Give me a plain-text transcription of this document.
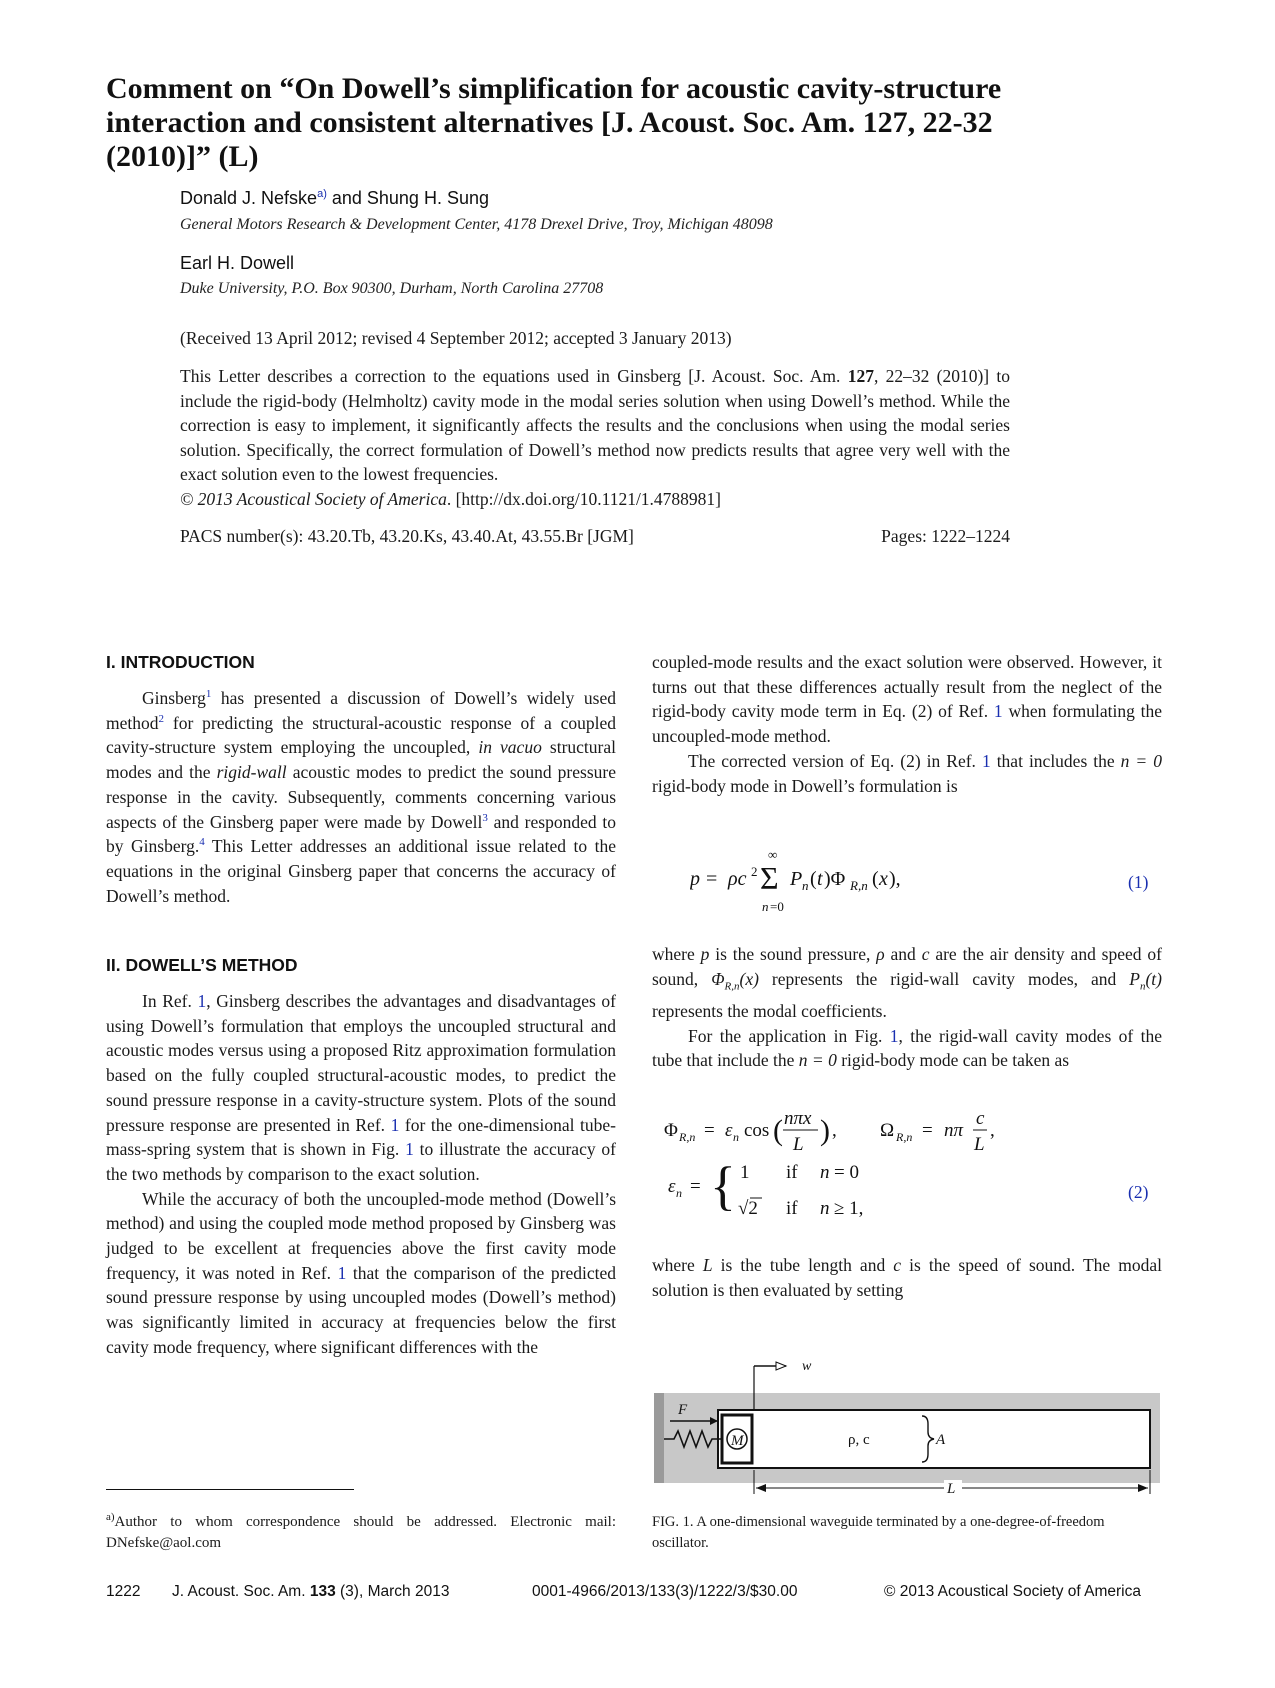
Comment on “On Dowell’s simplification for acoustic cavity-structure interaction and consistent alternatives [J. Acoust. Soc. Am. 127, 22-32 (2010)]” (L)
Donald J. Nefske$^{a)}$ and Shung H. Sung
General Motors Research & Development Center, 4178 Drexel Drive, Troy, Michigan 48098
Earl H. Dowell
Duke University, P.O. Box 90300, Durham, North Carolina 27708
(Received 13 April 2012; revised 4 September 2012; accepted 3 January 2013)
This Letter describes a correction to the equations used in Ginsberg [J. Acoust. Soc. Am. 127, 22–32 (2010)] to include the rigid-body (Helmholtz) cavity mode in the modal series solution when using Dowell’s method. While the correction is easy to implement, it significantly affects the results and the conclusions when using the modal series solution. Specifically, the correct formulation of Dowell’s method now predicts results that agree very well with the exact solution even to the lowest frequencies.
© 2013 Acoustical Society of America. [http://dx.doi.org/10.1121/1.4788981]
PACS number(s): 43.20.Tb, 43.20.Ks, 43.40.At, 43.55.Br [JGM]	Pages: 1222–1224
I. INTRODUCTION

Ginsberg$^1$ has presented a discussion of Dowell’s widely used method$^2$ for predicting the structural-acoustic response of a coupled cavity-structure system employing the uncoupled, in vacuo structural modes and the rigid-wall acoustic modes to predict the sound pressure response in the cavity. Subsequently, comments concerning various aspects of the Ginsberg paper were made by Dowell$^3$ and responded to by Ginsberg.$^4$ This Letter addresses an additional issue related to the equations in the original Ginsberg paper that concerns the accuracy of Dowell’s method.

II. DOWELL’S METHOD

In Ref. 1, Ginsberg describes the advantages and disadvantages of using Dowell’s formulation that employs the uncoupled structural and acoustic modes versus using a proposed Ritz approximation formulation based on the fully coupled structural-acoustic modes, to predict the sound pressure response in a cavity-structure system. Plots of the sound pressure response are presented in Ref. 1 for the one-dimensional tube-mass-spring system that is shown in Fig. 1 to illustrate the accuracy of the two methods by comparison to the exact solution.

While the accuracy of both the uncoupled-mode method (Dowell’s method) and using the coupled mode method proposed by Ginsberg was judged to be excellent at frequencies above the first cavity mode frequency, it was noted in Ref. 1 that the comparison of the predicted sound pressure response by using uncoupled modes (Dowell’s method) was significantly limited in accuracy at frequencies below the first cavity mode frequency, where significant differences with the

coupled-mode results and the exact solution were observed. However, it turns out that these differences actually result from the neglect of the rigid-body cavity mode term in Eq. (2) of Ref. 1 when formulating the uncoupled-mode method.

The corrected version of Eq. (2) in Ref. 1 that includes the n = 0 rigid-body mode in Dowell’s formulation is

p = ρc 2 Σ
∞
n =0
P n ( t )Φ R,n ( x ),	(1)

where p is the sound pressure, ρ and c are the air density and speed of sound, $\Phi_{R,n}(x)$ represents the rigid-wall cavity modes, and $P_n(t)$ represents the modal coefficients.

For the application in Fig. 1, the rigid-wall cavity modes of the tube that include the n = 0 rigid-body mode can be taken as

Φ R,n = ε n cos ( nπx
L ) , Ω R,n = nπ
c
L
,
ε n = { 1 if n = 0
√2 if n ≥ 1,
(2)

where L is the tube length and c is the speed of sound. The modal solution is then evaluated by setting

M
F
w
ρ, c	A
L
FIG. 1. A one-dimensional waveguide terminated by a one-degree-of-freedom oscillator.
$^{a)}$Author to whom correspondence should be addressed. Electronic mail: DNefske@aol.com
1222 J. Acoust. Soc. Am. 133 (3), March 2013	0001-4966/2013/133(3)/1222/3/$30.00	© 2013 Acoustical Society of America
